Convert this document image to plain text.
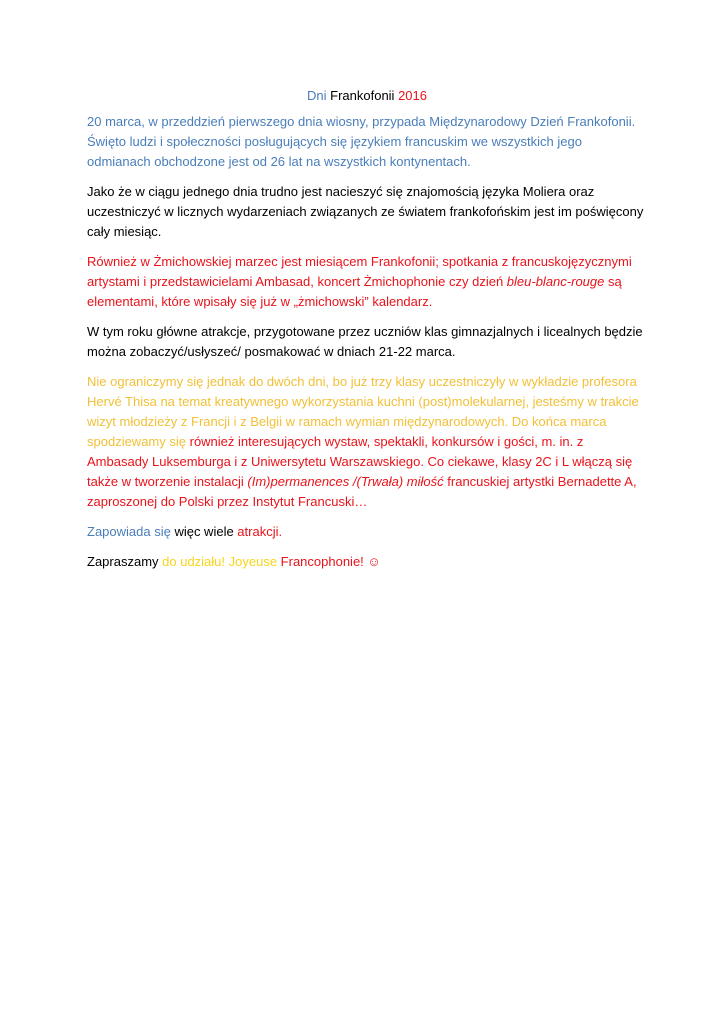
Dni Frankofonii 2016

20 marca, w przeddzień pierwszego dnia wiosny, przypada Międzynarodowy Dzień Frankofonii. Święto ludzi i społeczności posługujących się językiem francuskim we wszystkich jego odmianach obchodzone jest od 26 lat na wszystkich kontynentach.

Jako że w ciągu jednego dnia trudno jest nacieszyć się znajomością języka Moliera oraz uczestniczyć w licznych wydarzeniach związanych ze światem frankofońskim jest im poświęcony cały miesiąc.

Również w Żmichowskiej marzec jest miesiącem Frankofonii; spotkania z francuskojęzycznymi artystami i przedstawicielami Ambasad, koncert Żmichophonie czy dzień bleu-blanc-rouge są elementami, które wpisały się już w „żmichowski” kalendarz.

W tym roku główne atrakcje, przygotowane przez uczniów klas gimnazjalnych i licealnych będzie można zobaczyć/usłyszeć/ posmakować w dniach 21-22 marca.

Nie ograniczymy się jednak do dwóch dni, bo już trzy klasy uczestniczyły w wykładzie profesora Hervé Thisa na temat kreatywnego wykorzystania kuchni (post)molekularnej, jesteśmy w trakcie wizyt młodzieży z Francji i z Belgii w ramach wymian międzynarodowych. Do końca marca spodziewamy się również interesujących wystaw, spektakli, konkursów i gości, m. in. z Ambasady Luksemburga i z Uniwersytetu Warszawskiego. Co ciekawe, klasy 2C i L włączą się także w tworzenie instalacji (Im)permanences /(Trwała) miłość francuskiej artystki Bernadette A, zaproszonej do Polski przez Instytut Francuski…

Zapowiada się więc wiele atrakcji.

Zapraszamy do udziału! Joyeuse Francophonie! ☺
